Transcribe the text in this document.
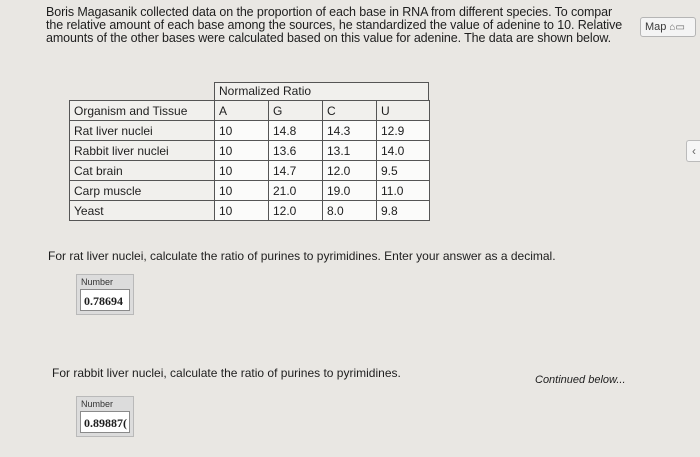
Boris Magasanik collected data on the proportion of each base in RNA from different species. To compar
the relative amount of each base among the sources, he standardized the value of adenine to 10. Relative
amounts of the other bases were calculated based on this value for adenine. The data are shown below.
Map ⌂▭
‹
Normalized Ratio
Organism and Tissue	A	G	C	U
Rat liver nuclei	10	14.8	14.3	12.9
Rabbit liver nuclei	10	13.6	13.1	14.0
Cat brain	10	14.7	12.0	9.5
Carp muscle	10	21.0	19.0	11.0
Yeast	10	12.0	8.0	9.8
For rat liver nuclei, calculate the ratio of purines to pyrimidines. Enter your answer as a decimal.
Number
0.78694
For rabbit liver nuclei, calculate the ratio of purines to pyrimidines.	Continued below...
Number
0.89887(
